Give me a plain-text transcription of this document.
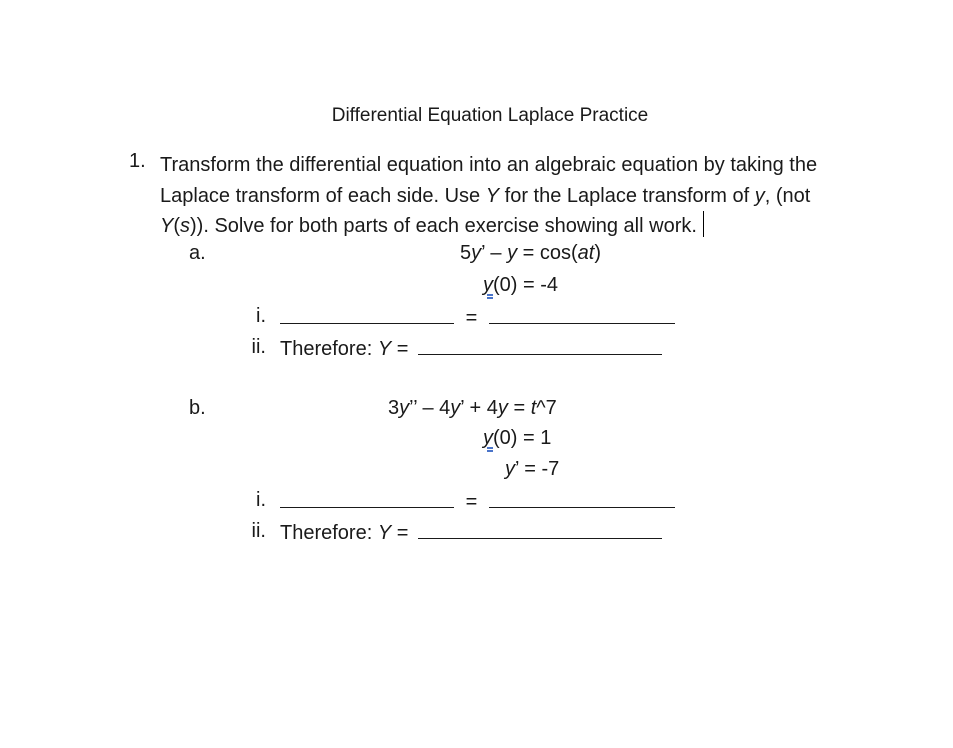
Differential Equation Laplace Practice
1. Transform the differential equation into an algebraic equation by taking the
Laplace transform of each side. Use Y for the Laplace transform of y, (not
Y(s)). Solve for both parts of each exercise showing all work.
a.	5y’ – y = cos(at)
y(0) = -4
i.	=
ii. Therefore: Y =
b.	3y’’ – 4y’ + 4y = t^7
y(0) = 1
y’ = -7
i.	=
ii. Therefore: Y =
